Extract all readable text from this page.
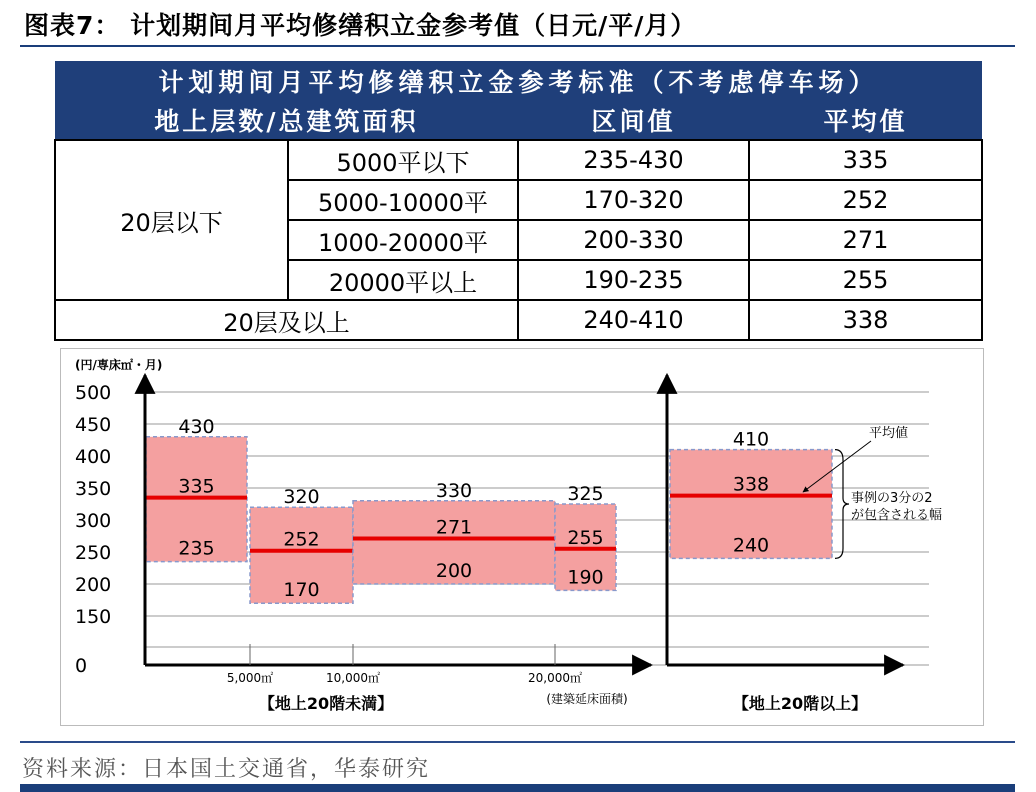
图表7： 计划期间月平均修缮积立金参考值（日元/平/月）
计划期间月平均修缮积立金参考标准（不考虑停车场）			
地上层数/总建筑面积		区间值	平均值
20层以下	5000平以下	235-430	335
	5000-10000平	170-320	252
	1000-20000平	200-330	271
	20000平以上	190-235	255
20层及以上		240-410	338
500
450
400
350
300
250
200
150
0
430
335
235
320
252
170
330
271
200
325
255
190
410
338
240
5,000㎡	10,000㎡	20,000㎡
(円/専床㎡・月)
(建築延床面積)
【地上20階未満】	【地上20階以上】
平均値
事例の3分の2
が包含される幅
资料来源：日本国土交通省，华泰研究
